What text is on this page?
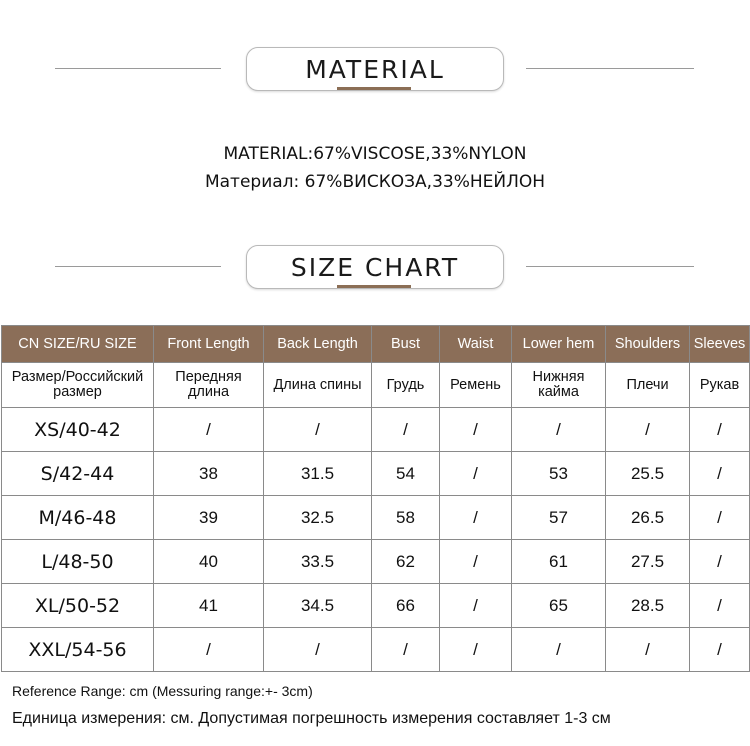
MATERIAL
MATERIAL:67%VISCOSE,33%NYLON
Материал: 67%ВИСКОЗА,33%НЕЙЛОН
SIZE CHART
CN SIZE/RU SIZE	Front Length	Back Length	Bust	Waist	Lower hem	Shoulders	Sleeves
Размер/Российский размер	Передняя длина	Длина спины	Грудь	Ремень	Нижняя кайма	Плечи	Рукав
XS/40-42	/	/	/	/	/	/	/
S/42-44	38	31.5	54	/	53	25.5	/
M/46-48	39	32.5	58	/	57	26.5	/
L/48-50	40	33.5	62	/	61	27.5	/
XL/50-52	41	34.5	66	/	65	28.5	/
XXL/54-56	/	/	/	/	/	/	/
Reference Range: cm (Messuring range:+- 3cm)
Единица измерения: см. Допустимая погрешность измерения составляет 1-3 см
